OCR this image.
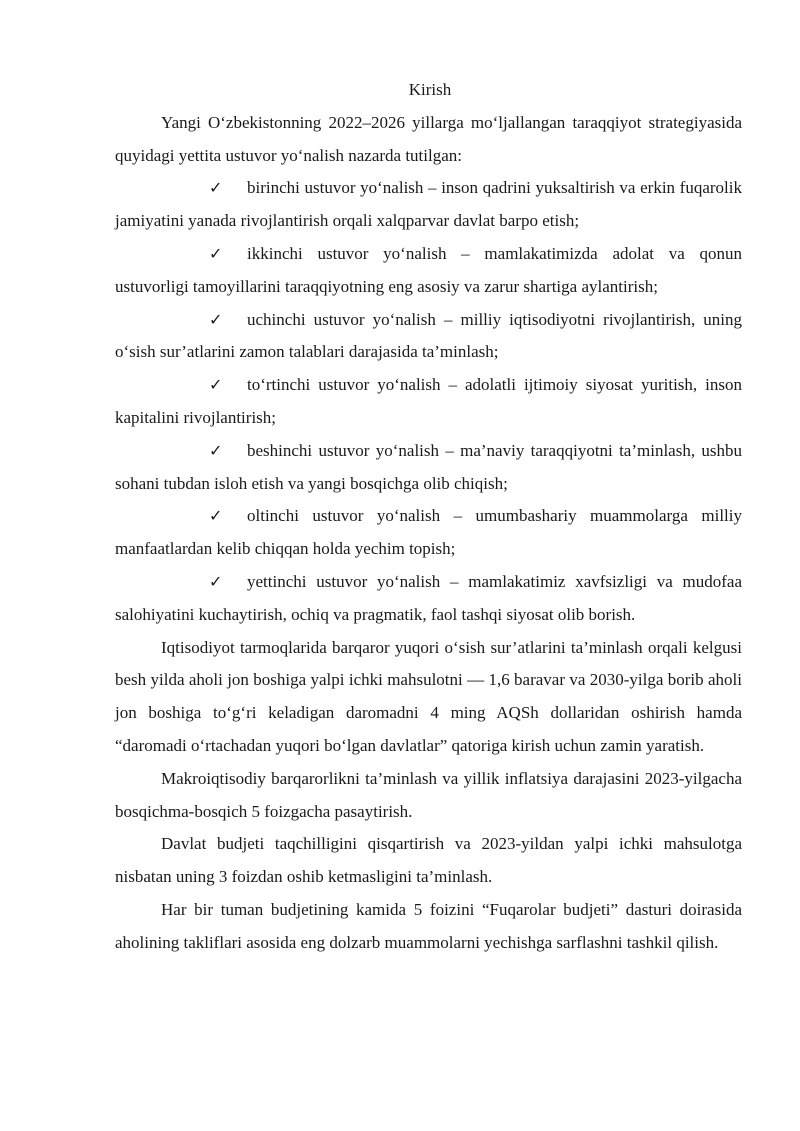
Kirish

Yangi O‘zbekistonning 2022–2026 yillarga mo‘ljallangan taraqqiyot strategiyasida quyidagi yettita ustuvor yo‘nalish nazarda tutilgan:

✓ birinchi ustuvor yo‘nalish – inson qadrini yuksaltirish va erkin fuqarolik jamiyatini yanada rivojlantirish orqali xalqparvar davlat barpo etish;
✓ ikkinchi ustuvor yo‘nalish – mamlakatimizda adolat va qonun ustuvorligi tamoyillarini taraqqiyotning eng asosiy va zarur shartiga aylantirish;
✓ uchinchi ustuvor yo‘nalish – milliy iqtisodiyotni rivojlantirish, uning o‘sish sur’atlarini zamon talablari darajasida ta’minlash;
✓ to‘rtinchi ustuvor yo‘nalish – adolatli ijtimoiy siyosat yuritish, inson kapitalini rivojlantirish;
✓ beshinchi ustuvor yo‘nalish – ma’naviy taraqqiyotni ta’minlash, ushbu sohani tubdan isloh etish va yangi bosqichga olib chiqish;
✓ oltinchi ustuvor yo‘nalish – umumbashariy muammolarga milliy manfaatlardan kelib chiqqan holda yechim topish;
✓ yettinchi ustuvor yo‘nalish – mamlakatimiz xavfsizligi va mudofaa salohiyatini kuchaytirish, ochiq va pragmatik, faol tashqi siyosat olib borish.

Iqtisodiyot tarmoqlarida barqaror yuqori o‘sish sur’atlarini ta’minlash orqali kelgusi besh yilda aholi jon boshiga yalpi ichki mahsulotni — 1,6 baravar va 2030-yilga borib aholi jon boshiga to‘g‘ri keladigan daromadni 4 ming AQSh dollaridan oshirish hamda “daromadi o‘rtachadan yuqori bo‘lgan davlatlar” qatoriga kirish uchun zamin yaratish.

Makroiqtisodiy barqarorlikni ta’minlash va yillik inflatsiya darajasini 2023-yilgacha bosqichma-bosqich 5 foizgacha pasaytirish.

Davlat budjeti taqchilligini qisqartirish va 2023-yildan yalpi ichki mahsulotga nisbatan uning 3 foizdan oshib ketmasligini ta’minlash.

Har bir tuman budjetining kamida 5 foizini “Fuqarolar budjeti” dasturi doirasida aholining takliflari asosida eng dolzarb muammolarni yechishga sarflashni tashkil qilish.
